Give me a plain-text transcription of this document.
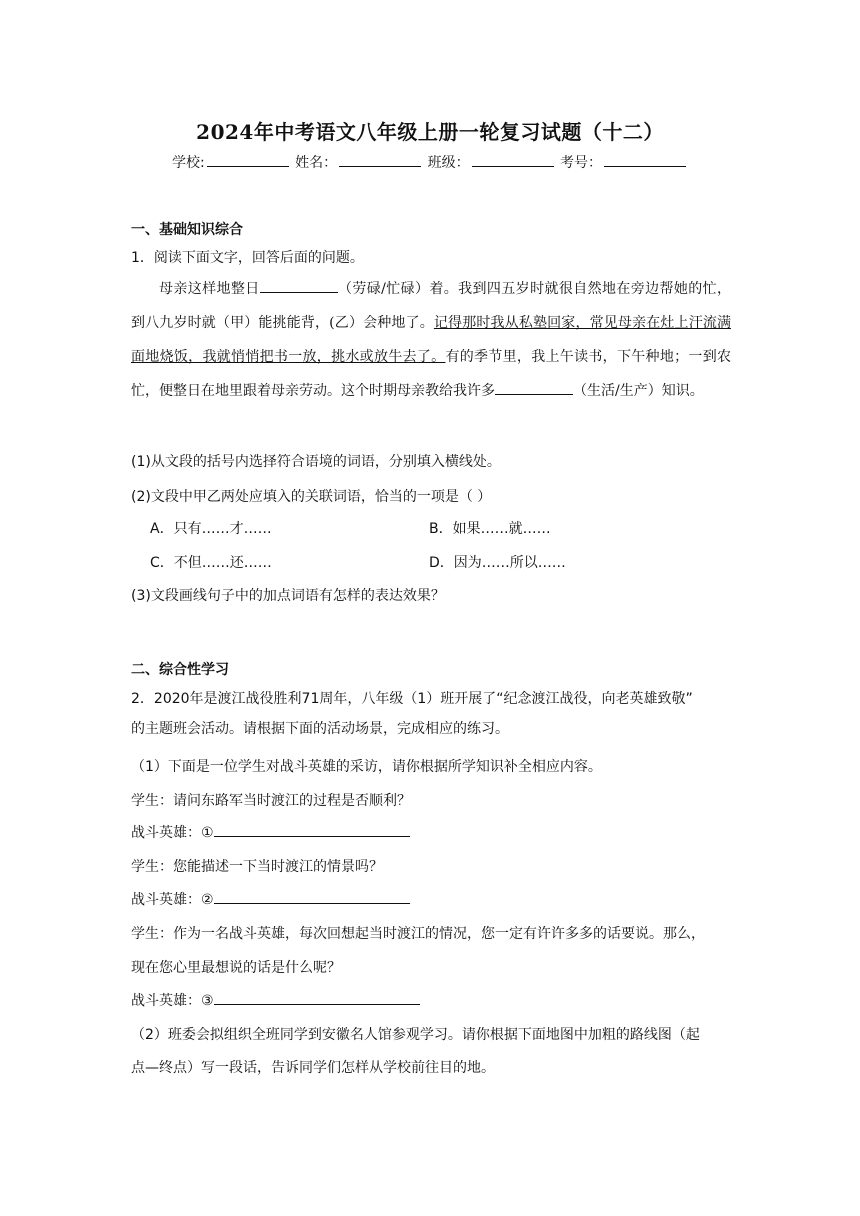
2024年中考语文八年级上册一轮复习试题（十二）
学校:	姓名：	班级：	考号：
一、基础知识综合
1．阅读下面文字，回答后面的问题。
母亲这样地整日	（劳碌/忙碌）着。我到四五岁时就很自然地在旁边帮她的忙，到八九岁时就（甲）能挑能背，(乙）会种地了。记得那时我从私塾回家，常见母亲在灶上汗流满面地烧饭，我就悄悄把书一放，挑水或放牛去了。有的季节里，我上午读书，下午种地；一到农忙，便整日在地里跟着母亲劳动。这个时期母亲教给我许多	（生活/生产）知识。
(1)从文段的括号内选择符合语境的词语，分别填入横线处。
(2)文段中甲乙两处应填入的关联词语，恰当的一项是（ ）
A．只有……才……	B．如果……就……
C．不但……还……	D．因为……所以……
(3)文段画线句子中的加点词语有怎样的表达效果？
二、综合性学习
2．2020年是渡江战役胜利71周年，八年级（1）班开展了“纪念渡江战役，向老英雄致敬”
的主题班会活动。请根据下面的活动场景，完成相应的练习。
（1）下面是一位学生对战斗英雄的采访，请你根据所学知识补全相应内容。
学生：请问东路军当时渡江的过程是否顺利？
战斗英雄：①
学生：您能描述一下当时渡江的情景吗？
战斗英雄：②
学生：作为一名战斗英雄，每次回想起当时渡江的情况，您一定有许许多多的话要说。那么，
现在您心里最想说的话是什么呢？
战斗英雄：③
（2）班委会拟组织全班同学到安徽名人馆参观学习。请你根据下面地图中加粗的路线图（起
点—终点）写一段话，告诉同学们怎样从学校前往目的地。
